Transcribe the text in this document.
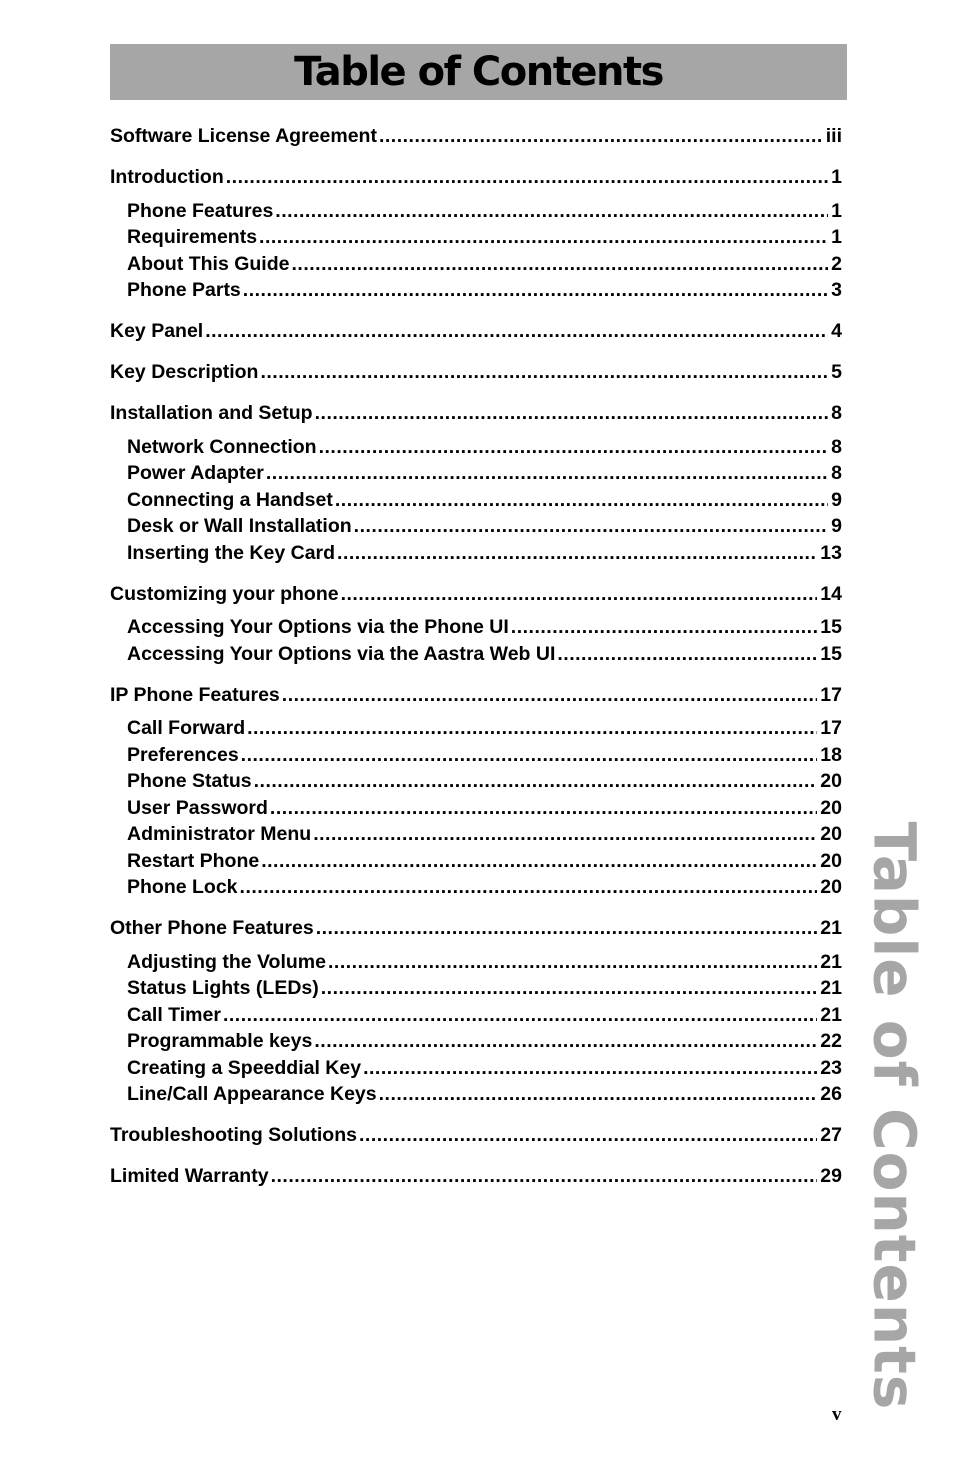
Table of Contents
Software License Agreement .....	iii
Introduction .....	1
Phone Features .....	1
Requirements .....	1
About This Guide .....	2
Phone Parts .....	3
Key Panel .....	4
Key Description .....	5
Installation and Setup .....	8
Network Connection .....	8
Power Adapter .....	8
Connecting a Handset .....	9
Desk or Wall Installation .....	9
Inserting the Key Card .....	13
Customizing your phone .....	14
Accessing Your Options via the Phone UI .....	15
Accessing Your Options via the Aastra Web UI .....	15
IP Phone Features .....	17
Call Forward .....	17
Preferences .....	18
Phone Status .....	20
User Password .....	20
Administrator Menu .....	20
Restart Phone .....	20
Phone Lock .....	20
Other Phone Features .....	21
Adjusting the Volume .....	21
Status Lights (LEDs) .....	21
Call Timer .....	21
Programmable keys .....	22
Creating a Speeddial Key .....	23
Line/Call Appearance Keys .....	26
Troubleshooting Solutions .....	27
Limited Warranty .....	29 Table of Contents
v
